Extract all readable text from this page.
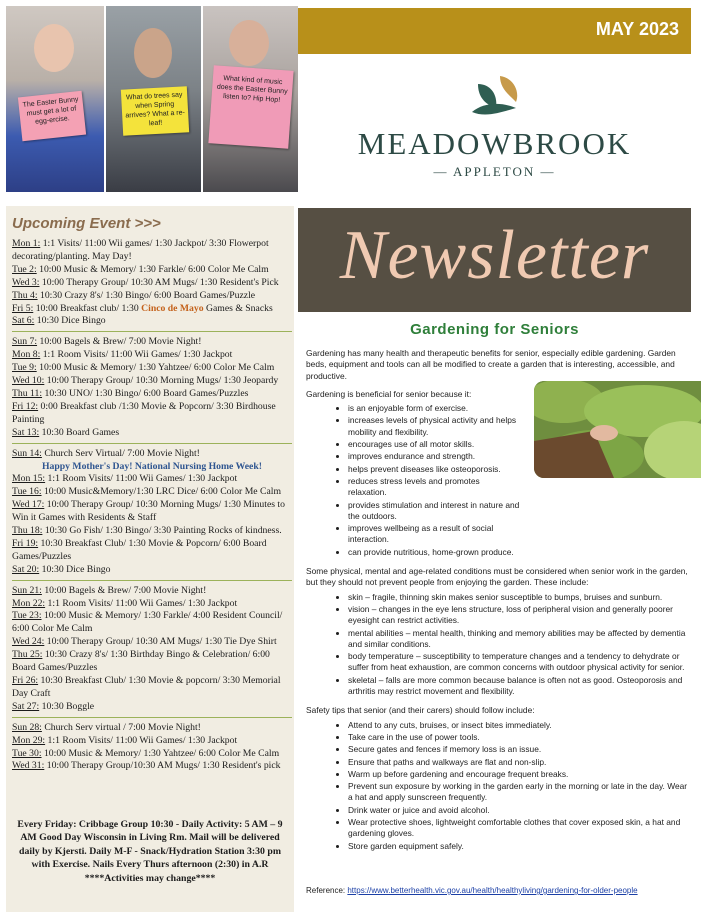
The Easter Bunny must get a lot of egg-ercise.
What do trees say when Spring arrives? What a re-leaf!
What kind of music does the Easter Bunny listen to? Hip Hop!
MAY 2023
MEADOWBROOK
— APPLETON —
Upcoming Event >>>
Mon 1: 1:1 Visits/ 11:00 Wii games/ 1:30 Jackpot/ 3:30 Flowerpot decorating/planting. May Day!
Tue 2: 10:00 Music & Memory/ 1:30 Farkle/ 6:00 Color Me Calm
Wed 3: 10:00 Therapy Group/ 10:30 AM Mugs/ 1:30 Resident's Pick
Thu 4: 10:30 Crazy 8's/ 1:30 Bingo/ 6:00 Board Games/Puzzle
Fri 5: 10:00 Breakfast club/ 1:30 Cinco de Mayo Games & Snacks
Sat 6: 10:30 Dice Bingo
Sun 7: 10:00 Bagels & Brew/ 7:00 Movie Night!
Mon 8: 1:1 Room Visits/ 11:00 Wii Games/ 1:30 Jackpot
Tue 9: 10:00 Music & Memory/ 1:30 Yahtzee/ 6:00 Color Me Calm
Wed 10: 10:00 Therapy Group/ 10:30 Morning Mugs/ 1:30 Jeopardy
Thu 11: 10:30 UNO/ 1:30 Bingo/ 6:00 Board Games/Puzzles
Fri 12: 0:00 Breakfast club /1:30 Movie & Popcorn/ 3:30 Birdhouse Painting
Sat 13: 10:30 Board Games
Sun 14: Church Serv Virtual/ 7:00 Movie Night!
Happy Mother's Day! National Nursing Home Week!
Mon 15: 1:1 Room Visits/ 11:00 Wii Games/ 1:30 Jackpot
Tue 16: 10:00 Music&Memory/1:30 LRC Dice/ 6:00 Color Me Calm
Wed 17: 10:00 Therapy Group/ 10:30 Morning Mugs/ 1:30 Minutes to Win it Games with Residents & Staff
Thu 18: 10:30 Go Fish/ 1:30 Bingo/ 3:30 Painting Rocks of kindness.
Fri 19: 10:30 Breakfast Club/ 1:30 Movie & Popcorn/ 6:00 Board Games/Puzzles
Sat 20: 10:30 Dice Bingo
Sun 21: 10:00 Bagels & Brew/ 7:00 Movie Night!
Mon 22: 1:1 Room Visits/ 11:00 Wii Games/ 1:30 Jackpot
Tue 23: 10:00 Music & Memory/ 1:30 Farkle/ 4:00 Resident Council/ 6:00 Color Me Calm
Wed 24: 10:00 Therapy Group/ 10:30 AM Mugs/ 1:30 Tie Dye Shirt
Thu 25: 10:30 Crazy 8's/ 1:30 Birthday Bingo & Celebration/ 6:00 Board Games/Puzzles
Fri 26: 10:30 Breakfast Club/ 1:30 Movie & popcorn/ 3:30 Memorial Day Craft
Sat 27: 10:30 Boggle
Sun 28: Church Serv virtual / 7:00 Movie Night!
Mon 29: 1:1 Room Visits/ 11:00 Wii Games/ 1:30 Jackpot
Tue 30: 10:00 Music & Memory/ 1:30 Yahtzee/ 6:00 Color Me Calm
Wed 31: 10:00 Therapy Group/10:30 AM Mugs/ 1:30 Resident's pick
Every Friday: Cribbage Group 10:30 - Daily Activity: 5 AM – 9 AM Good Day Wisconsin in Living Rm. Mail will be delivered daily by Kjersti. Daily M-F - Snack/Hydration Station 3:30 pm with Exercise. Nails Every Thurs afternoon (2:30) in A.R ****Activities may change****
Newsletter
Gardening for Seniors

Gardening has many health and therapeutic benefits for senior, especially edible gardening. Garden beds, equipment and tools can all be modified to create a garden that is interesting, accessible, and productive.

Gardening is beneficial for senior because it:

• is an enjoyable form of exercise.
• increases levels of physical activity and helps mobility and flexibility.
• encourages use of all motor skills.
• improves endurance and strength.
• helps prevent diseases like osteoporosis.
• reduces stress levels and promotes relaxation.
• provides stimulation and interest in nature and the outdoors.
• improves wellbeing as a result of social interaction.
• can provide nutritious, home-grown produce.

Some physical, mental and age-related conditions must be considered when senior work in the garden, but they should not prevent people from enjoying the garden. These include:

• skin – fragile, thinning skin makes senior susceptible to bumps, bruises and sunburn.
• vision – changes in the eye lens structure, loss of peripheral vision and generally poorer eyesight can restrict activities.
• mental abilities – mental health, thinking and memory abilities may be affected by dementia and similar conditions.
• body temperature – susceptibility to temperature changes and a tendency to dehydrate or suffer from heat exhaustion, are common concerns with outdoor physical activity for senior.
• skeletal – falls are more common because balance is often not as good. Osteoporosis and arthritis may restrict movement and flexibility.

Safety tips that senior (and their carers) should follow include:

• Attend to any cuts, bruises, or insect bites immediately.
• Take care in the use of power tools.
• Secure gates and fences if memory loss is an issue.
• Ensure that paths and walkways are flat and non-slip.
• Warm up before gardening and encourage frequent breaks.
• Prevent sun exposure by working in the garden early in the morning or late in the day. Wear a hat and apply sunscreen frequently.
• Drink water or juice and avoid alcohol.
• Wear protective shoes, lightweight comfortable clothes that cover exposed skin, a hat and gardening gloves.
• Store garden equipment safely.
Reference: https://www.betterhealth.vic.gov.au/health/healthyliving/gardening-for-older-people
